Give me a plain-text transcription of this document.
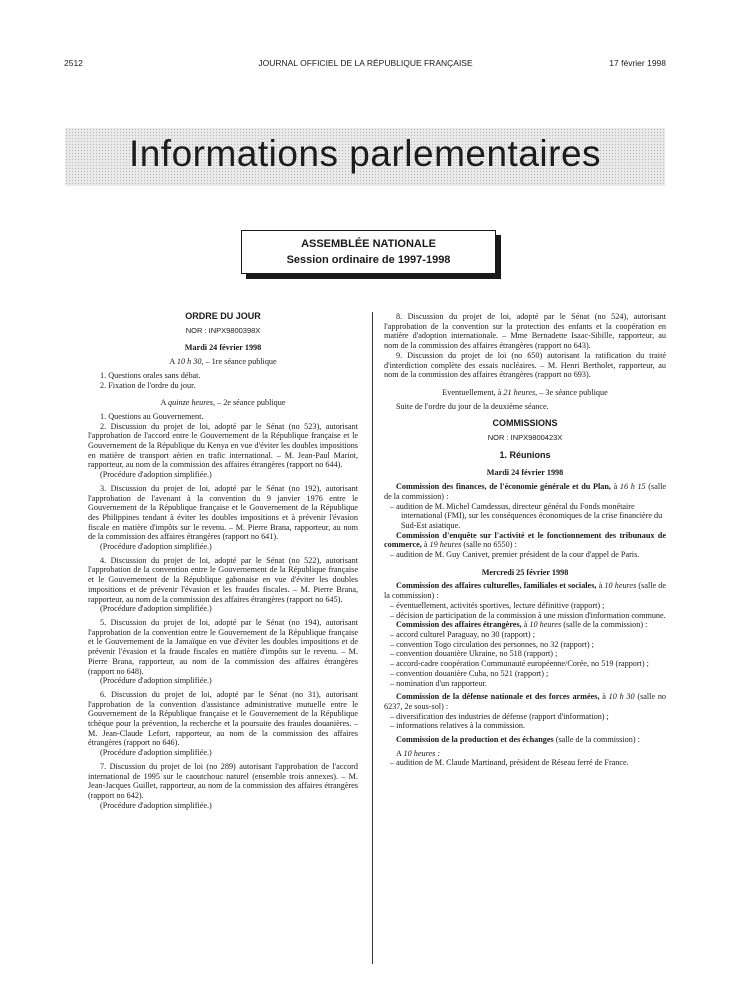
2512	JOURNAL OFFICIEL DE LA RÉPUBLIQUE FRANÇAISE	17 février 1998
Informations parlementaires
ASSEMBLÉE NATIONALE
Session ordinaire de 1997-1998

ORDRE DU JOUR

NOR : INPX9800398X

Mardi 24 février 1998

A 10 h 30, – 1re séance publique

1. Questions orales sans débat.

2. Fixation de l'ordre du jour.

A quinze heures, – 2e séance publique

1. Questions au Gouvernement.

2. Discussion du projet de loi, adopté par le Sénat (no 523), autorisant l'approbation de l'accord entre le Gouvernement de la République française et le Gouvernement de la République du Kenya en vue d'éviter les doubles impositions en matière de transport aérien en trafic international. – M. Jean-Paul Mariot, rapporteur, au nom de la commission des affaires étrangères (rapport no 644).

(Procédure d'adoption simplifiée.)

3. Discussion du projet de loi, adopté par le Sénat (no 192), autorisant l'approbation de l'avenant à la convention du 9 janvier 1976 entre le Gouvernement de la République française et le Gouvernement de la République des Philippines tendant à éviter les doubles impositions et à prévenir l'évasion fiscale en matière d'impôts sur le revenu. – M. Pierre Brana, rapporteur, au nom de la commission des affaires étrangères (rapport no 641).

(Procédure d'adoption simplifiée.)

4. Discussion du projet de loi, adopté par le Sénat (no 522), autorisant l'approbation de la convention entre le Gouvernement de la République française et le Gouvernement de la République gabonaise en vue d'éviter les doubles impositions et de prévenir l'évasion et les fraudes fiscales. – M. Pierre Brana, rapporteur, au nom de la commission des affaires étrangères (rapport no 645).

(Procédure d'adoption simplifiée.)

5. Discussion du projet de loi, adopté par le Sénat (no 194), autorisant l'approbation de la convention entre le Gouvernement de la République française et le Gouvernement de la Jamaïque en vue d'éviter les doubles impositions et de prévenir l'évasion et la fraude fiscales en matière d'impôts sur le revenu. – M. Pierre Brana, rapporteur, au nom de la commission des affaires étrangères (rapport no 648).

(Procédure d'adoption simplifiée.)

6. Discussion du projet de loi, adopté par le Sénat (no 31), autorisant l'approbation de la convention d'assistance administrative mutuelle entre le Gouvernement de la République française et le Gouvernement de la République tchèque pour la prévention, la recherche et la poursuite des fraudes douanières. – M. Jean-Claude Lefort, rapporteur, au nom de la commission des affaires étrangères (rapport no 646).

(Procédure d'adoption simplifiée.)

7. Discussion du projet de loi (no 289) autorisant l'approbation de l'accord international de 1995 sur le caoutchouc naturel (ensemble trois annexes). – M. Jean-Jacques Guillet, rapporteur, au nom de la commission des affaires étrangères (rapport no 642).

(Procédure d'adoption simplifiée.)

8. Discussion du projet de loi, adopté par le Sénat (no 524), autorisant l'approbation de la convention sur la protection des enfants et la coopération en matière d'adoption internationale. – Mme Bernadette Isaac-Sibille, rapporteur, au nom de la commission des affaires étrangères (rapport no 643).

9. Discussion du projet de loi (no 650) autorisant la ratification du traité d'interdiction complète des essais nucléaires. – M. Henri Bertholet, rapporteur, au nom de la commission des affaires étrangères (rapport no 693).

Eventuellement, à 21 heures, – 3e séance publique

Suite de l'ordre du jour de la deuxième séance.

COMMISSIONS

NOR : INPX9800423X

1. Réunions

Mardi 24 février 1998

Commission des finances, de l'économie générale et du Plan, à 16 h 15 (salle de la commission) :

– audition de M. Michel Camdessus, directeur général du Fonds monétaire international (FMI), sur les conséquences économiques de la crise financière du Sud-Est asiatique.

Commission d'enquête sur l'activité et le fonctionnement des tribunaux de commerce, à 19 heures (salle no 6550) :

– audition de M. Guy Canivet, premier président de la cour d'appel de Paris.

Mercredi 25 février 1998

Commission des affaires culturelles, familiales et sociales, à 10 heures (salle de la commission) :

– éventuellement, activités sportives, lecture définitive (rapport) ;

– décision de participation de la commission à une mission d'information commune.

Commission des affaires étrangères, à 10 heures (salle de la commission) :

– accord culturel Paraguay, no 30 (rapport) ;

– convention Togo circulation des personnes, no 32 (rapport) ;

– convention douanière Ukraine, no 518 (rapport) ;

– accord-cadre coopération Communauté européenne/Corée, no 519 (rapport) ;

– convention douanière Cuba, no 521 (rapport) ;

– nomination d'un rapporteur.

Commission de la défense nationale et des forces armées, à 10 h 30 (salle no 6237, 2e sous-sol) :

– diversification des industries de défense (rapport d'information) ;

– informations relatives à la commission.

Commission de la production et des échanges (salle de la commission) :

A 10 heures :

– audition de M. Claude Martinand, président de Réseau ferré de France.
